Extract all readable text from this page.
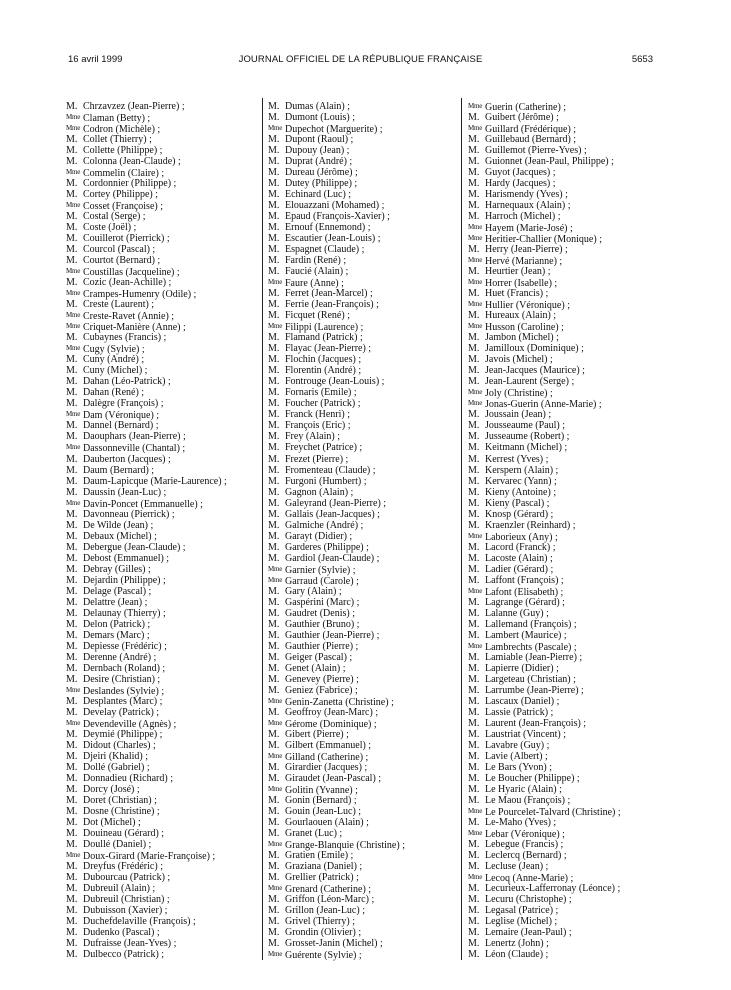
16 avril 1999	JOURNAL OFFICIEL DE LA RÉPUBLIQUE FRANÇAISE	5653
M. Chrzavzez (Jean-Pierre) ;
Mme Claman (Betty) ;
Mme Codron (Michèle) ;
M. Collet (Thierry) ;
M. Collette (Philippe) ;
M. Colonna (Jean-Claude) ;
Mme Commelin (Claire) ;
M. Cordonnier (Philippe) ;
M. Cortey (Philippe) ;
Mme Cosset (Françoise) ;
M. Costal (Serge) ;
M. Coste (Joël) ;
M. Couillerot (Pierrick) ;
M. Courcol (Pascal) ;
M. Courtot (Bernard) ;
Mme Coustillas (Jacqueline) ;
M. Cozic (Jean-Achille) ;
Mme Crampes-Humenry (Odile) ;
M. Creste (Laurent) ;
Mme Creste-Ravet (Annie) ;
Mme Criquet-Manière (Anne) ;
M. Cubaynes (Francis) ;
Mme Cugy (Sylvie) ;
M. Cuny (André) ;
M. Cuny (Michel) ;
M. Dahan (Léo-Patrick) ;
M. Dahan (René) ;
M. Dalègre (François) ;
Mme Dam (Véronique) ;
M. Dannel (Bernard) ;
M. Daouphars (Jean-Pierre) ;
Mme Dassonneville (Chantal) ;
M. Dauberton (Jacques) ;
M. Daum (Bernard) ;
M. Daum-Lapicque (Marie-Laurence) ;
M. Daussin (Jean-Luc) ;
Mme Davin-Poncet (Emmanuelle) ;
M. Davonneau (Pierrick) ;
M. De Wilde (Jean) ;
M. Debaux (Michel) ;
M. Debergue (Jean-Claude) ;
M. Debost (Emmanuel) ;
M. Debray (Gilles) ;
M. Dejardin (Philippe) ;
M. Delage (Pascal) ;
M. Delattre (Jean) ;
M. Delaunay (Thierry) ;
M. Delon (Patrick) ;
M. Demars (Marc) ;
M. Depiesse (Frédéric) ;
M. Derenne (André) ;
M. Dernbach (Roland) ;
M. Desire (Christian) ;
Mme Deslandes (Sylvie) ;
M. Desplantes (Marc) ;
M. Develay (Patrick) ;
Mme Devendeville (Agnès) ;
M. Deymié (Philippe) ;
M. Didout (Charles) ;
M. Djeiri (Khalid) ;
M. Dollé (Gabriel) ;
M. Donnadieu (Richard) ;
M. Dorcy (José) ;
M. Doret (Christian) ;
M. Dosne (Christine) ;
M. Dot (Michel) ;
M. Douineau (Gérard) ;
M. Doullé (Daniel) ;
Mme Doux-Girard (Marie-Françoise) ;
M. Dreyfus (Frédéric) ;
M. Dubourcau (Patrick) ;
M. Dubreuil (Alain) ;
M. Dubreuil (Christian) ;
M. Dubuisson (Xavier) ;
M. Duchefdelaville (François) ;
M. Dudenko (Pascal) ;
M. Dufraisse (Jean-Yves) ;
M. Dulbecco (Patrick) ;
M. Dumas (Alain) ;
M. Dumont (Louis) ;
Mme Dupechot (Marguerite) ;
M. Dupont (Raoul) ;
M. Dupouy (Jean) ;
M. Duprat (André) ;
M. Dureau (Jérôme) ;
M. Dutey (Philippe) ;
M. Echinard (Luc) ;
M. Elouazzani (Mohamed) ;
M. Epaud (François-Xavier) ;
M. Ernouf (Ennemond) ;
M. Escautier (Jean-Louis) ;
M. Espagnet (Claude) ;
M. Fardin (René) ;
M. Faucié (Alain) ;
Mme Faure (Anne) ;
M. Ferret (Jean-Marcel) ;
M. Ferrie (Jean-François) ;
M. Ficquet (René) ;
Mme Filippi (Laurence) ;
M. Flamand (Patrick) ;
M. Flayac (Jean-Pierre) ;
M. Flochin (Jacques) ;
M. Florentin (André) ;
M. Fontrouge (Jean-Louis) ;
M. Fornaris (Emile) ;
M. Foucher (Patrick) ;
M. Franck (Henri) ;
M. François (Eric) ;
M. Frey (Alain) ;
M. Freychet (Patrice) ;
M. Frezet (Pierre) ;
M. Fromenteau (Claude) ;
M. Furgoni (Humbert) ;
M. Gagnon (Alain) ;
M. Galeyrand (Jean-Pierre) ;
M. Gallais (Jean-Jacques) ;
M. Galmiche (André) ;
M. Garayt (Didier) ;
M. Garderes (Philippe) ;
M. Gardiol (Jean-Claude) ;
Mme Garnier (Sylvie) ;
Mme Garraud (Carole) ;
M. Gary (Alain) ;
M. Gaspérini (Marc) ;
M. Gaudret (Denis) ;
M. Gauthier (Bruno) ;
M. Gauthier (Jean-Pierre) ;
M. Gauthier (Pierre) ;
M. Geiger (Pascal) ;
M. Genet (Alain) ;
M. Genevey (Pierre) ;
M. Geniez (Fabrice) ;
Mme Genin-Zanetta (Christine) ;
M. Geoffroy (Jean-Marc) ;
Mme Gérome (Dominique) ;
M. Gibert (Pierre) ;
M. Gilbert (Emmanuel) ;
Mme Gilland (Catherine) ;
M. Girardier (Jacques) ;
M. Giraudet (Jean-Pascal) ;
Mme Golitin (Yvanne) ;
M. Gonin (Bernard) ;
M. Gouin (Jean-Luc) ;
M. Gourlaouen (Alain) ;
M. Granet (Luc) ;
Mme Grange-Blanquie (Christine) ;
M. Gratien (Emile) ;
M. Graziana (Daniel) ;
M. Grellier (Patrick) ;
Mme Grenard (Catherine) ;
M. Griffon (Léon-Marc) ;
M. Grillon (Jean-Luc) ;
M. Grivel (Thierry) ;
M. Grondin (Olivier) ;
M. Grosset-Janin (Michel) ;
Mme Guérente (Sylvie) ;
Mme Guerin (Catherine) ;
M. Guibert (Jérôme) ;
Mme Guillard (Frédérique) ;
M. Guillebaud (Bernard) ;
M. Guillemot (Pierre-Yves) ;
M. Guionnet (Jean-Paul, Philippe) ;
M. Guyot (Jacques) ;
M. Hardy (Jacques) ;
M. Harismendy (Yves) ;
M. Harnequaux (Alain) ;
M. Harroch (Michel) ;
Mme Hayem (Marie-José) ;
Mme Heritier-Challier (Monique) ;
M. Herry (Jean-Pierre) ;
Mme Hervé (Marianne) ;
M. Heurtier (Jean) ;
Mme Horrer (Isabelle) ;
M. Huet (Francis) ;
Mme Hullier (Véronique) ;
M. Hureaux (Alain) ;
Mme Husson (Caroline) ;
M. Jambon (Michel) ;
M. Jamilloux (Dominique) ;
M. Javois (Michel) ;
M. Jean-Jacques (Maurice) ;
M. Jean-Laurent (Serge) ;
Mme Joly (Christine) ;
Mme Jonas-Guerin (Anne-Marie) ;
M. Joussain (Jean) ;
M. Jousseaume (Paul) ;
M. Jusseaume (Robert) ;
M. Keitmann (Michel) ;
M. Kerrest (Yves) ;
M. Kerspern (Alain) ;
M. Kervarec (Yann) ;
M. Kieny (Antoine) ;
M. Kieny (Pascal) ;
M. Knosp (Gérard) ;
M. Kraenzler (Reinhard) ;
Mme Laborieux (Any) ;
M. Lacord (Franck) ;
M. Lacoste (Alain) ;
M. Ladier (Gérard) ;
M. Laffont (François) ;
Mme Lafont (Elisabeth) ;
M. Lagrange (Gérard) ;
M. Lalanne (Guy) ;
M. Lallemand (François) ;
M. Lambert (Maurice) ;
Mme Lambrechts (Pascale) ;
M. Lamiable (Jean-Pierre) ;
M. Lapierre (Didier) ;
M. Largeteau (Christian) ;
M. Larrumbe (Jean-Pierre) ;
M. Lascaux (Daniel) ;
M. Lassie (Patrick) ;
M. Laurent (Jean-François) ;
M. Laustriat (Vincent) ;
M. Lavabre (Guy) ;
M. Lavie (Albert) ;
M. Le Bars (Yvon) ;
M. Le Boucher (Philippe) ;
M. Le Hyaric (Alain) ;
M. Le Maou (François) ;
Mme Le Pourcelet-Talvard (Christine) ;
M. Le-Maho (Yves) ;
Mme Lebar (Véronique) ;
M. Lebegue (Francis) ;
M. Leclercq (Bernard) ;
M. Lecluse (Jean) ;
Mme Lecoq (Anne-Marie) ;
M. Lecurieux-Lafferronay (Léonce) ;
M. Lecuru (Christophe) ;
M. Legasal (Patrice) ;
M. Leglise (Michel) ;
M. Lemaire (Jean-Paul) ;
M. Lenertz (John) ;
M. Léon (Claude) ;
